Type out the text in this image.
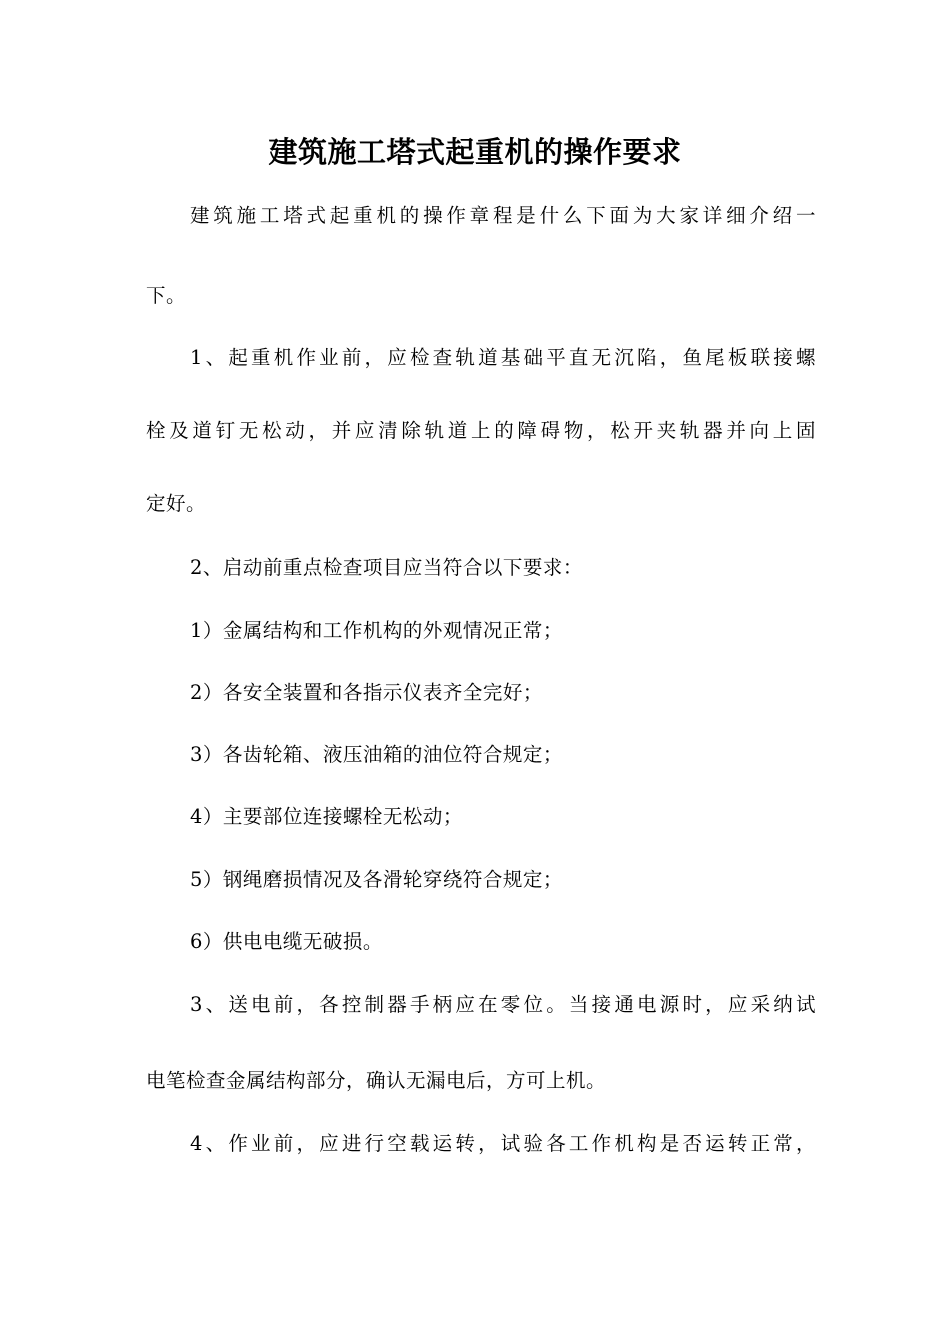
建筑施工塔式起重机的操作要求
建筑施工塔式起重机的操作章程是什么下面为大家详细介绍一
下。
1、起重机作业前，应检查轨道基础平直无沉陷，鱼尾板联接螺
栓及道钉无松动，并应清除轨道上的障碍物，松开夹轨器并向上固
定好。
2、启动前重点检查项目应当符合以下要求：
1）金属结构和工作机构的外观情况正常；
2）各安全装置和各指示仪表齐全完好；
3）各齿轮箱、液压油箱的油位符合规定；
4）主要部位连接螺栓无松动；
5）钢绳磨损情况及各滑轮穿绕符合规定；
6）供电电缆无破损。
3、送电前，各控制器手柄应在零位。当接通电源时，应采纳试
电笔检查金属结构部分，确认无漏电后，方可上机。
4、作业前，应进行空载运转，试验各工作机构是否运转正常，
